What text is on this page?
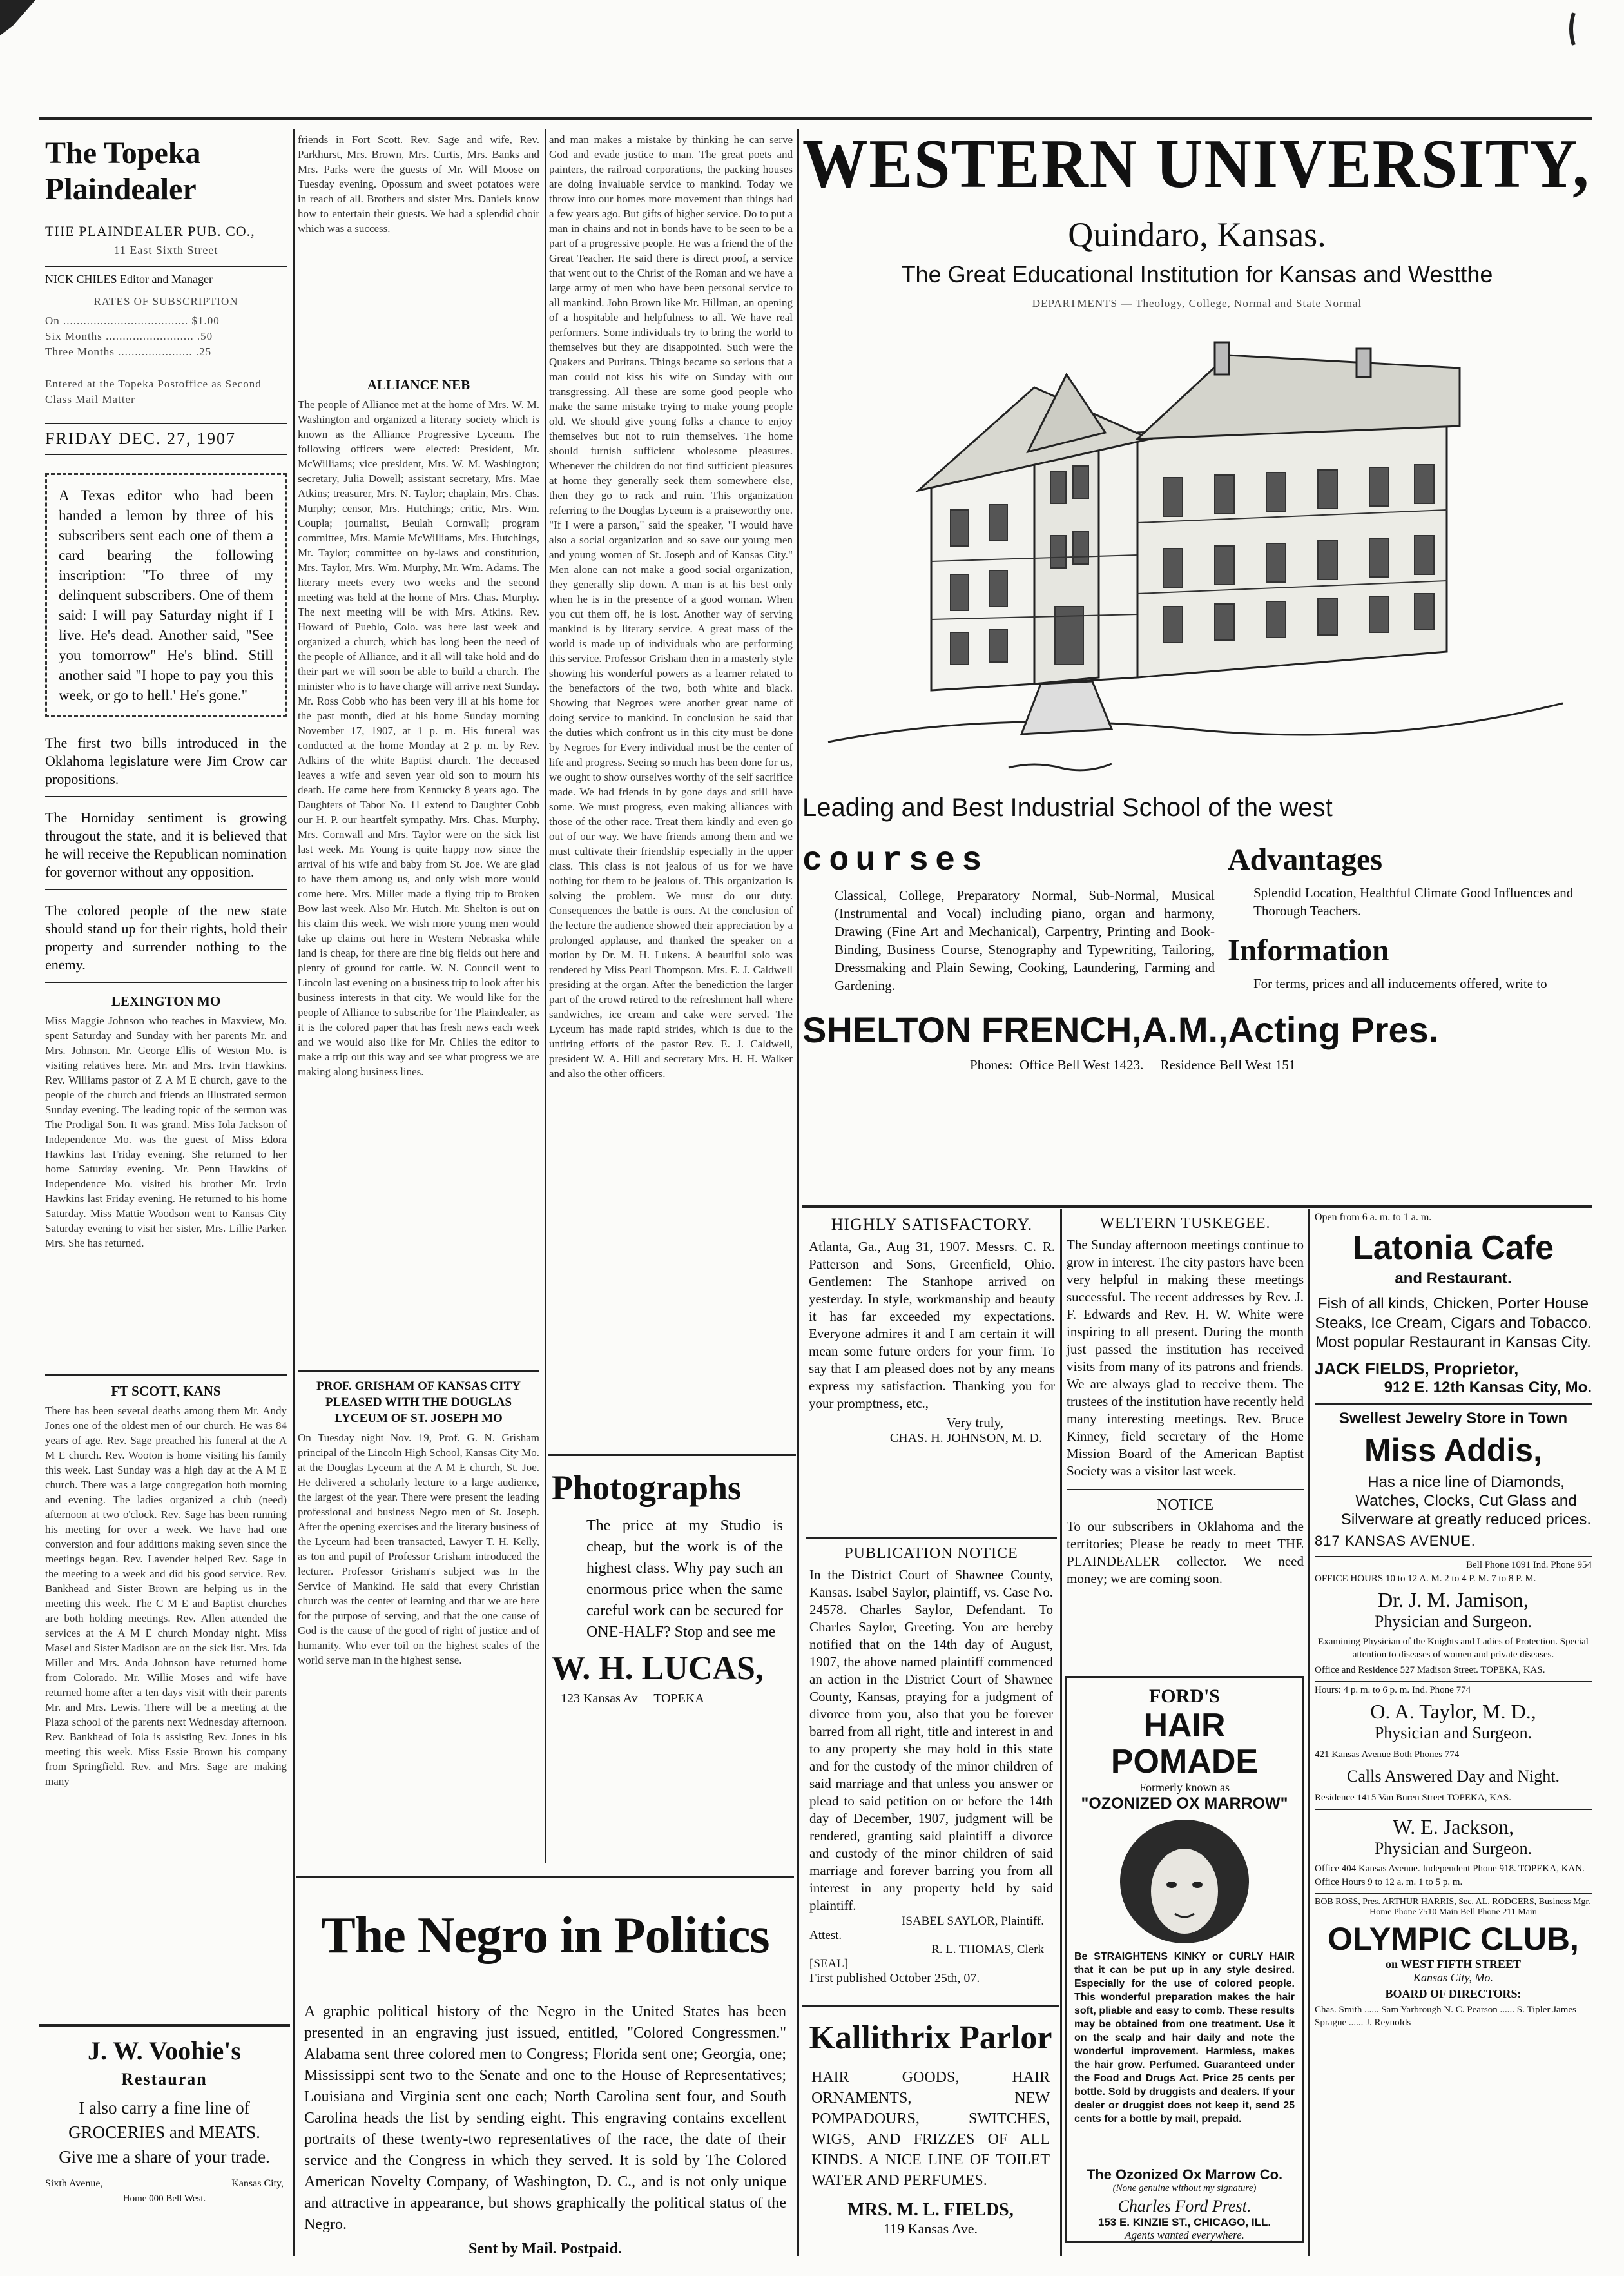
The Topeka Plaindealer
THE PLAINDEALER PUB. CO.,
11 East Sixth Street
NICK CHILES Editor and Manager
RATES OF SUBSCRIPTION
On ..................................... $1.00
Six Months .......................... .50
Three Months ...................... .25
Entered at the Topeka Postoffice as Second Class Mail Matter
FRIDAY DEC. 27, 1907
A Texas editor who had been handed a lemon by three of his subscribers sent each one of them a card bearing the following inscription: "To three of my delinquent subscribers. One of them said: I will pay Saturday night if I live. He's dead. Another said, "See you tomorrow" He's blind. Still another said "I hope to pay you this week, or go to hell.' He's gone."
The first two bills introduced in the Oklahoma legislature were Jim Crow car propositions.
The Horniday sentiment is growing througout the state, and it is believed that he will receive the Republican nomination for governor without any opposition.
The colored people of the new state should stand up for their rights, hold their property and surrender nothing to the enemy.
LEXINGTON MO
Miss Maggie Johnson who teaches in Maxview, Mo. spent Saturday and Sunday with her parents Mr. and Mrs. Johnson. Mr. George Ellis of Weston Mo. is visiting relatives here. Mr. and Mrs. Irvin Hawkins. Rev. Williams pastor of Z A M E church, gave to the people of the church and friends an illustrated sermon Sunday evening. The leading topic of the sermon was The Prodigal Son. It was grand. Miss Iola Jackson of Independence Mo. was the guest of Miss Edora Hawkins last Friday evening. She returned to her home Saturday evening. Mr. Penn Hawkins of Independence Mo. visited his brother Mr. Irvin Hawkins last Friday evening. He returned to his home Saturday. Miss Mattie Woodson went to Kansas City Saturday evening to visit her sister, Mrs. Lillie Parker. Mrs. She has returned.
FT SCOTT, KANS
There has been several deaths among them Mr. Andy Jones one of the oldest men of our church. He was 84 years of age. Rev. Sage preached his funeral at the A M E church. Rev. Wooton is home visiting his family this week. Last Sunday was a high day at the A M E church. There was a large congregation both morning and evening. The ladies organized a club (need) afternoon at two o'clock. Rev. Sage has been running his meeting for over a week. We have had one conversion and four additions making seven since the meetings began. Rev. Lavender helped Rev. Sage in the meeting to a week and did his good service. Rev. Bankhead and Sister Brown are helping us in the meeting this week. The C M E and Baptist churches are both holding meetings. Rev. Allen attended the services at the A M E church Monday night. Miss Masel and Sister Madison are on the sick list. Mrs. Ida Miller and Mrs. Anda Johnson have returned home from Colorado. Mr. Willie Moses and wife have returned home after a ten days visit with their parents Mr. and Mrs. Lewis. There will be a meeting at the Plaza school of the parents next Wednesday afternoon. Rev. Bankhead of Iola is assisting Rev. Jones in his meeting this week. Miss Essie Brown his company from Springfield. Rev. and Mrs. Sage are making many
J. W. Voohie's
Restauran
I also carry a fine line of GROCERIES and MEATS. Give me a share of your trade.
Sixth Avenue,	Kansas City,
Home 000 Bell West.
friends in Fort Scott. Rev. Sage and wife, Rev. Parkhurst, Mrs. Brown, Mrs. Curtis, Mrs. Banks and Mrs. Parks were the guests of Mr. Will Moose on Tuesday evening. Opossum and sweet potatoes were in reach of all. Brothers and sister Mrs. Daniels know how to entertain their guests. We had a splendid choir which was a success.
ALLIANCE NEB
The people of Alliance met at the home of Mrs. W. M. Washington and organized a literary society which is known as the Alliance Progressive Lyceum. The following officers were elected: President, Mr. McWilliams; vice president, Mrs. W. M. Washington; secretary, Julia Dowell; assistant secretary, Mrs. Mae Atkins; treasurer, Mrs. N. Taylor; chaplain, Mrs. Chas. Murphy; censor, Mrs. Hutchings; critic, Mrs. Wm. Coupla; journalist, Beulah Cornwall; program committee, Mrs. Mamie McWilliams, Mrs. Hutchings, Mr. Taylor; committee on by-laws and constitution, Mrs. Taylor, Mrs. Wm. Murphy, Mr. Wm. Adams. The literary meets every two weeks and the second meeting was held at the home of Mrs. Chas. Murphy. The next meeting will be with Mrs. Atkins. Rev. Howard of Pueblo, Colo. was here last week and organized a church, which has long been the need of the people of Alliance, and it all will take hold and do their part we will soon be able to build a church. The minister who is to have charge will arrive next Sunday. Mr. Ross Cobb who has been very ill at his home for the past month, died at his home Sunday morning November 17, 1907, at 1 p. m. His funeral was conducted at the home Monday at 2 p. m. by Rev. Adkins of the white Baptist church. The deceased leaves a wife and seven year old son to mourn his death. He came here from Kentucky 8 years ago. The Daughters of Tabor No. 11 extend to Daughter Cobb our H. P. our heartfelt sympathy. Mrs. Chas. Murphy, Mrs. Cornwall and Mrs. Taylor were on the sick list last week. Mr. Young is quite happy now since the arrival of his wife and baby from St. Joe. We are glad to have them among us, and only wish more would come here. Mrs. Miller made a flying trip to Broken Bow last week. Also Mr. Hutch. Mr. Shelton is out on his claim this week. We wish more young men would take up claims out here in Western Nebraska while land is cheap, for there are fine big fields out here and plenty of ground for cattle. W. N. Council went to Lincoln last evening on a business trip to look after his business interests in that city. We would like for the people of Alliance to subscribe for The Plaindealer, as it is the colored paper that has fresh news each week and we would also like for Mr. Chiles the editor to make a trip out this way and see what progress we are making along business lines.
PROF. GRISHAM OF KANSAS CITY PLEASED WITH THE DOUGLAS LYCEUM OF ST. JOSEPH MO
On Tuesday night Nov. 19, Prof. G. N. Grisham principal of the Lincoln High School, Kansas City Mo. at the Douglas Lyceum at the A M E church, St. Joe. He delivered a scholarly lecture to a large audience, the largest of the year. There were present the leading professional and business Negro men of St. Joseph. After the opening exercises and the literary business of the Lyceum had been transacted, Lawyer T. H. Kelly, as ton and pupil of Professor Grisham introduced the lecturer. Professor Grisham's subject was In the Service of Mankind. He said that every Christian church was the center of learning and that we are here for the purpose of serving, and that the one cause of God is the cause of the good of right of justice and of humanity. Who ever toil on the highest scales of the world serve man in the highest sense.
and man makes a mistake by thinking he can serve God and evade justice to man. The great poets and painters, the railroad corporations, the packing houses are doing invaluable service to mankind. Today we throw into our homes more movement than things had a few years ago. But gifts of higher service. Do to put a man in chains and not in bonds have to be seen to be a part of a progressive people. He was a friend the of the Great Teacher. He said there is direct proof, a service that went out to the Christ of the Roman and we have a large army of men who have been personal service to all mankind. John Brown like Mr. Hillman, an opening of a hospitable and helpfulness to all. We have real performers. Some individuals try to bring the world to themselves but they are disappointed. Such were the Quakers and Puritans. Things became so serious that a man could not kiss his wife on Sunday with out transgressing. All these are some good people who make the same mistake trying to make young people old. We should give young folks a chance to enjoy themselves but not to ruin themselves. The home should furnish sufficient wholesome pleasures. Whenever the children do not find sufficient pleasures at home they generally seek them somewhere else, then they go to rack and ruin. This organization referring to the Douglas Lyceum is a praiseworthy one. "If I were a parson," said the speaker, "I would have also a social organization and so save our young men and young women of St. Joseph and of Kansas City." Men alone can not make a good social organization, they generally slip down. A man is at his best only when he is in the presence of a good woman. When you cut them off, he is lost. Another way of serving mankind is by literary service. A great mass of the world is made up of individuals who are performing this service. Professor Grisham then in a masterly style showing his wonderful powers as a learner related to the benefactors of the two, both white and black. Showing that Negroes were another great name of doing service to mankind. In conclusion he said that the duties which confront us in this city must be done by Negroes for Every individual must be the center of life and progress. Seeing so much has been done for us, we ought to show ourselves worthy of the self sacrifice made. We had friends in by gone days and still have some. We must progress, even making alliances with those of the other race. Treat them kindly and even go out of our way. We have friends among them and we must cultivate their friendship especially in the upper class. This class is not jealous of us for we have nothing for them to be jealous of. This organization is solving the problem. We must do our duty. Consequences the battle is ours. At the conclusion of the lecture the audience showed their appreciation by a prolonged applause, and thanked the speaker on a motion by Dr. M. H. Lukens. A beautiful solo was rendered by Miss Pearl Thompson. Mrs. E. J. Caldwell presiding at the organ. After the benediction the larger part of the crowd retired to the refreshment hall where sandwiches, ice cream and cake were served. The Lyceum has made rapid strides, which is due to the untiring efforts of the pastor Rev. E. J. Caldwell, president W. A. Hill and secretary Mrs. H. H. Walker and also the other officers.
Photographs
The price at my Studio is cheap, but the work is of the highest class. Why pay such an enormous price when the same careful work can be secured for ONE-HALF? Stop and see me
W. H. LUCAS,
123 Kansas Av     TOPEKA
The Negro in Politics
A graphic political history of the Negro in the United States has been presented in an engraving just issued, entitled, "Colored Congressmen." Alabama sent three colored men to Congress; Florida sent one; Georgia, one; Mississippi sent two to the Senate and one to the House of Representatives; Louisiana and Virginia sent one each; North Carolina sent four, and South Carolina heads the list by sending eight. This engraving contains excellent portraits of these twenty-two representatives of the race, the date of their service and the Congress in which they served. It is sold by The Colored American Novelty Company, of Washington, D. C., and is not only unique and attractive in appearance, but shows graphically the political status of the Negro.
Sent by Mail. Postpaid.
WESTERN UNIVERSITY,
Quindaro, Kansas.
The Great Educational Institution for Kansas and Westthe
DEPARTMENTS — Theology, College, Normal and State Normal
Leading and Best Industrial School of the west
courses
Classical, College, Preparatory Normal, Sub-Normal, Musical (Instrumental and Vocal) including piano, organ and harmony, Drawing (Fine Art and Mechanical), Carpentry, Printing and Book-Binding, Business Course, Stenography and Typewriting, Tailoring, Dressmaking and Plain Sewing, Cooking, Laundering, Farming and Gardening.
Advantages
Splendid Location, Healthful Climate Good Influences and Thorough Teachers.
Information
For terms, prices and all inducements offered, write to
SHELTON FRENCH,A.M.,Acting Pres.
Phones:  Office Bell West 1423.     Residence Bell West 151
HIGHLY SATISFACTORY.
Atlanta, Ga., Aug 31, 1907. Messrs. C. R. Patterson and Sons, Greenfield, Ohio. Gentlemen: The Stanhope arrived on yesterday. In style, workmanship and beauty it has far exceeded my expectations. Everyone admires it and I am certain it will mean some future orders for your firm. To say that I am pleased does not by any means express my satisfaction. Thanking you for your promptness, etc.,
Very truly,
CHAS. H. JOHNSON, M. D.
PUBLICATION NOTICE
In the District Court of Shawnee County, Kansas. Isabel Saylor, plaintiff, vs. Case No. 24578. Charles Saylor, Defendant. To Charles Saylor, Greeting. You are hereby notified that on the 14th day of August, 1907, the above named plaintiff commenced an action in the District Court of Shawnee County, Kansas, praying for a judgment of divorce from you, also that you be forever barred from all right, title and interest in and to any property she may hold in this state and for the custody of the minor children of said marriage and that unless you answer or plead to said petition on or before the 14th day of December, 1907, judgment will be rendered, granting said plaintiff a divorce and custody of the minor children of said marriage and forever barring you from all interest in any property held by said plaintiff.
ISABEL SAYLOR, Plaintiff.
Attest.
R. L. THOMAS, Clerk
[SEAL]
First published October 25th, 07.
Kallithrix Parlor
HAIR GOODS, HAIR ORNAMENTS, NEW POMPADOURS, SWITCHES, WIGS, AND FRIZZES OF ALL KINDS. A NICE LINE OF TOILET WATER AND PERFUMES.
MRS. M. L. FIELDS,
119 Kansas Ave.
WELTERN TUSKEGEE.
The Sunday afternoon meetings continue to grow in interest. The city pastors have been very helpful in making these meetings successful. The recent addresses by Rev. J. F. Edwards and Rev. H. W. White were inspiring to all present. During the month just passed the institution has received visits from many of its patrons and friends. We are always glad to receive them. The trustees of the institution have recently held many interesting meetings. Rev. Bruce Kinney, field secretary of the Home Mission Board of the American Baptist Society was a visitor last week.
NOTICE
To our subscribers in Oklahoma and the territories; Please be ready to meet THE PLAINDEALER collector. We need money; we are coming soon.
FORD'S
HAIR POMADE
Formerly known as
"OZONIZED OX MARROW"
Be STRAIGHTENS KINKY or CURLY HAIR that it can be put up in any style desired. Especially for the use of colored people. This wonderful preparation makes the hair soft, pliable and easy to comb. These results may be obtained from one treatment. Use it on the scalp and hair daily and note the wonderful improvement. Harmless, makes the hair grow. Perfumed. Guaranteed under the Food and Drugs Act. Price 25 cents per bottle. Sold by druggists and dealers. If your dealer or druggist does not keep it, send 25 cents for a bottle by mail, prepaid.
The Ozonized Ox Marrow Co.
(None genuine without my signature)
Charles Ford Prest.
153 E. KINZIE ST., CHICAGO, ILL.
Agents wanted everywhere.
Open from 6 a. m. to 1 a. m.
Latonia Cafe
and Restaurant.
Fish of all kinds, Chicken, Porter House Steaks, Ice Cream, Cigars and Tobacco. Most popular Restaurant in Kansas City.
JACK FIELDS, Proprietor,
912 E. 12th Kansas City, Mo.
Swellest Jewelry Store in Town
Miss Addis,
Has a nice line of Diamonds, Watches, Clocks, Cut Glass and Silverware at greatly reduced prices.
817 KANSAS AVENUE.
Bell Phone 1091 Ind. Phone 954
OFFICE HOURS 10 to 12 A. M. 2 to 4 P. M. 7 to 8 P. M.
Dr. J. M. Jamison,
Physician and Surgeon.
Examining Physician of the Knights and Ladies of Protection. Special attention to diseases of women and private diseases.
Office and Residence 527 Madison Street. TOPEKA, KAS.
Hours: 4 p. m. to 6 p. m. Ind. Phone 774
O. A. Taylor, M. D.,
Physician and Surgeon.
421 Kansas Avenue Both Phones 774
Calls Answered Day and Night.
Residence 1415 Van Buren Street TOPEKA, KAS.
W. E. Jackson,
Physician and Surgeon.
Office 404 Kansas Avenue. Independent Phone 918. TOPEKA, KAN.
Office Hours 9 to 12 a. m. 1 to 5 p. m.
BOB ROSS, Pres. ARTHUR HARRIS, Sec. AL. RODGERS, Business Mgr.
Home Phone 7510 Main Bell Phone 211 Main
OLYMPIC CLUB,
on WEST FIFTH STREET
Kansas City, Mo.
BOARD OF DIRECTORS:
Chas. Smith ...... Sam Yarbrough N. C. Pearson ...... S. Tipler James Sprague ...... J. Reynolds
